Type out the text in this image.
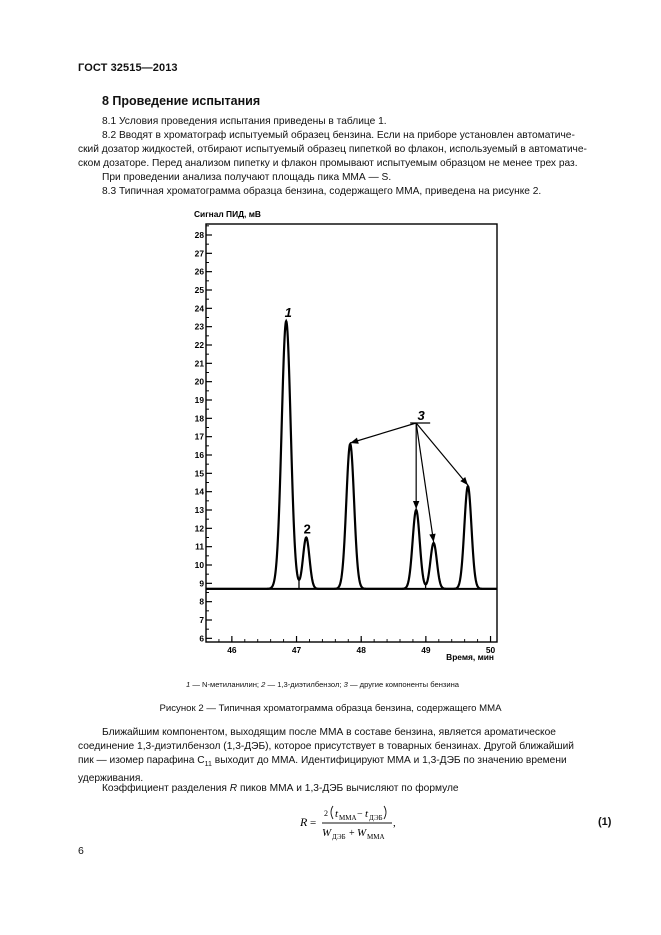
ГОСТ 32515—2013
8 Проведение испытания
8.1 Условия проведения испытания приведены в таблице 1.
8.2 Вводят в хроматограф испытуемый образец бензина. Если на приборе установлен автоматиче-
ский дозатор жидкостей, отбирают испытуемый образец пипеткой во флакон, используемый в автоматиче-
ском дозаторе. Перед анализом пипетку и флакон промывают испытуемым образцом не менее трех раз.
При проведении анализа получают площадь пика ММА — S.
8.3 Типичная хроматограмма образца бензина, содержащего ММА, приведена на рисунке 2.
6
7
8
9
10
11
12
13
14
15
16
17
18
19
20
21
22
23
24
25
26
27
28
46	47	48	49	50
1
2
3
Сигнал ПИД, мВ
Время, мин
1 — N-метиланилин; 2 — 1,3-диэтилбензол; 3 — другие компоненты бензина
Рисунок 2 — Типичная хроматограмма образца бензина, содержащего ММА
Ближайшим компонентом, выходящим после ММА в составе бензина, является ароматическое
соединение 1,3-диэтилбензол (1,3-ДЭБ), которое присутствует в товарных бензинах. Другой ближайший
пик — изомер парафина $С_{11}$ выходит до ММА. Идентифицируют ММА и 1,3-ДЭБ по значению времени
удерживания.
Коэффициент разделения R пиков ММА и 1,3-ДЭБ вычисляют по формуле
R =
2 t ММА − t ДЭБ
W ДЭБ + W ММА
,	(1)
6
